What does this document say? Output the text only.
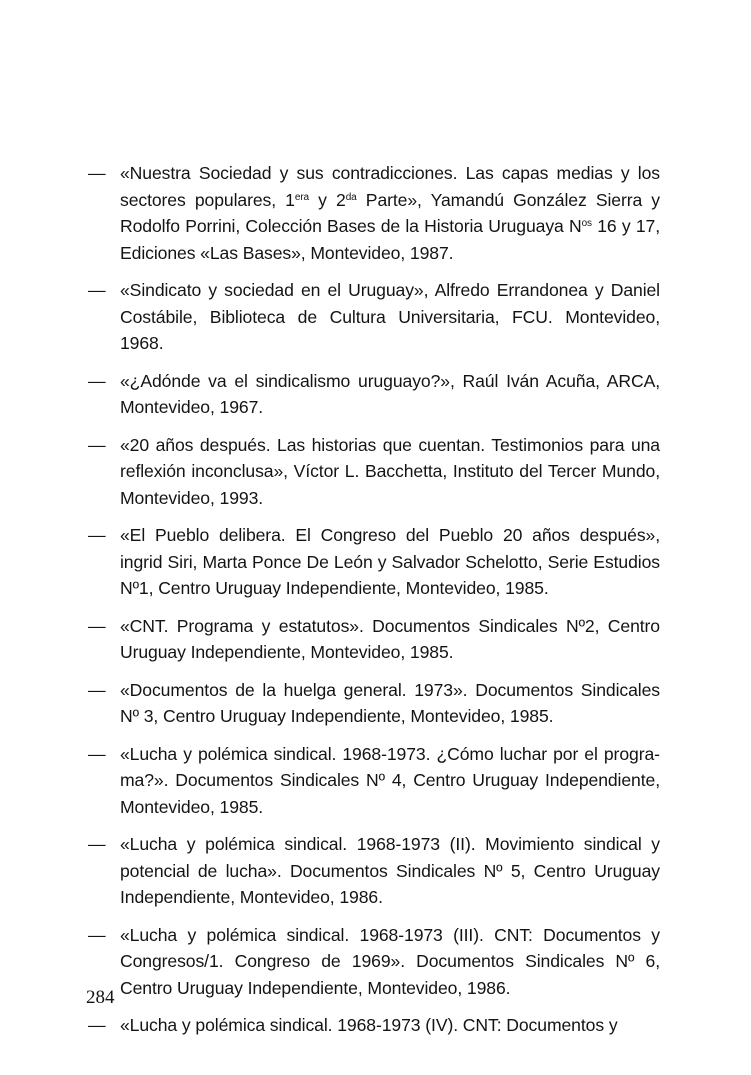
— «Nuestra Sociedad y sus contradicciones. Las capas medias y los sectores populares, $1^{era}$ y $2^{da}$ Parte», Yamandú González Sierra y Rodolfo Porrini, Colección Bases de la Historia Uruguaya $N^{os}$ 16 y 17, Ediciones «Las Bases», Montevideo, 1987.
— «Sindicato y sociedad en el Uruguay», Alfredo Errandonea y Daniel Costábile, Biblioteca de Cultura Universitaria, FCU. Montevideo, 1968.
— «¿Adónde va el sindicalismo uruguayo?», Raúl Iván Acuña, ARCA, Montevideo, 1967.
— «20 años después. Las historias que cuentan. Testimonios para una reflexión inconclusa», Víctor L. Bacchetta, Instituto del Tercer Mundo, Montevideo, 1993.
— «El Pueblo delibera. El Congreso del Pueblo 20 años después», ingrid Siri, Marta Ponce De León y Salvador Schelotto, Serie Estudios Nº1, Centro Uruguay Independiente, Montevideo, 1985.
— «CNT. Programa y estatutos». Documentos Sindicales Nº2, Centro Uruguay Independiente, Montevideo, 1985.
— «Documentos de la huelga general. 1973». Documentos Sindicales Nº 3, Centro Uruguay Independiente, Montevideo, 1985.
— «Lucha y polémica sindical. 1968-1973. ¿Cómo luchar por el programa?». Documentos Sindicales Nº 4, Centro Uruguay Independiente, Montevideo, 1985.
— «Lucha y polémica sindical. 1968-1973 (II). Movimiento sindical y potencial de lucha». Documentos Sindicales Nº 5, Centro Uruguay Independiente, Montevideo, 1986.
— «Lucha y polémica sindical. 1968-1973 (III). CNT: Documentos y Congresos/1. Congreso de 1969». Documentos Sindicales Nº 6, Centro Uruguay Independiente, Montevideo, 1986.
— «Lucha y polémica sindical. 1968-1973 (IV). CNT: Documentos y
284
